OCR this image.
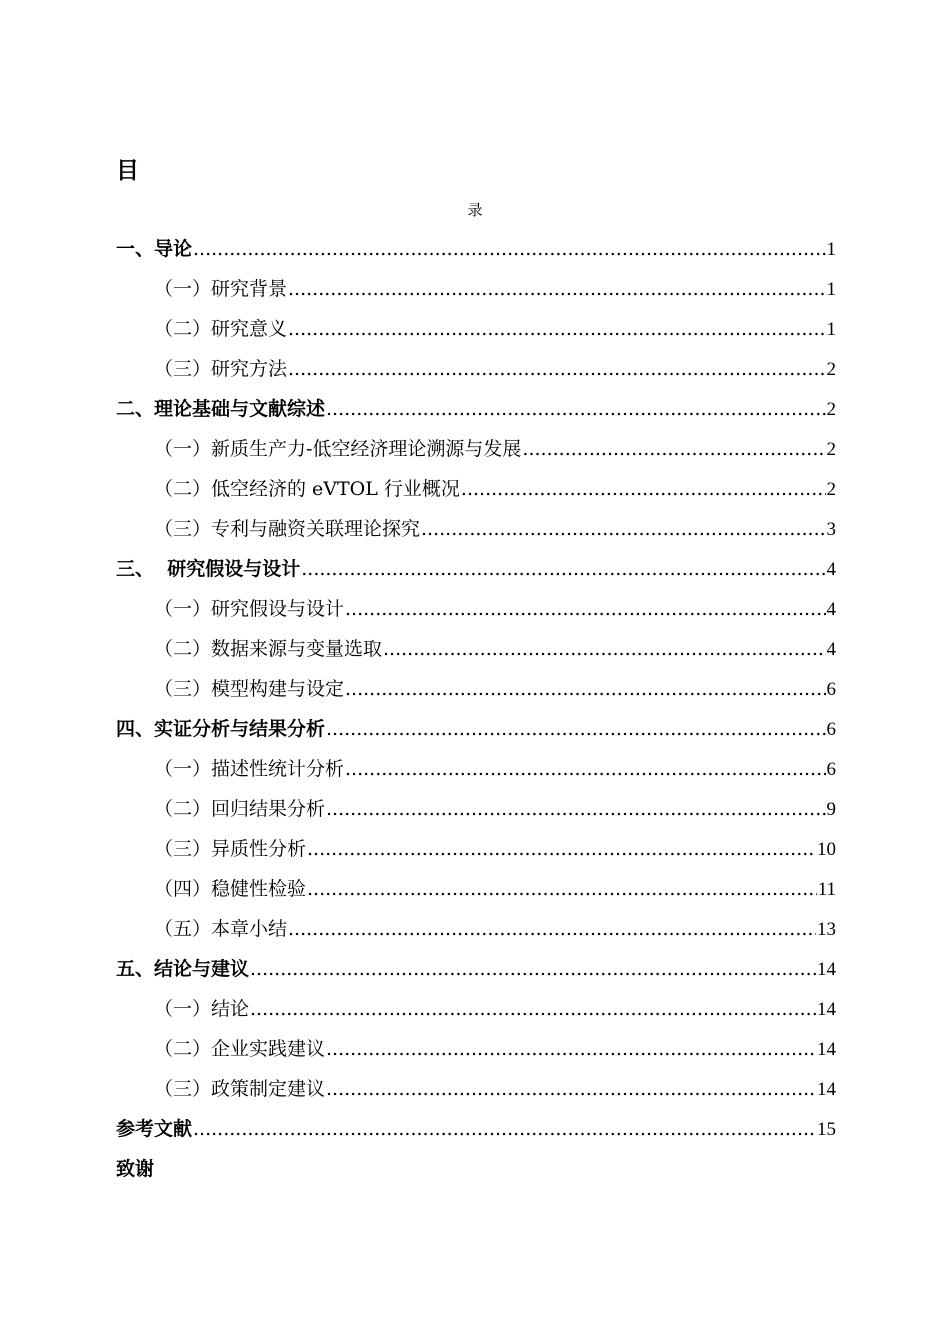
目
录
一、导论 .....	1
（一）研究背景 .....	1
（二）研究意义 .....	1
（三）研究方法 .....	2
二、理论基础与文献综述 .....	2
（一）新质生产力-低空经济理论溯源与发展 .....	2
（二）低空经济的 eVTOL 行业概况 .....	2
（三）专利与融资关联理论探究 .....	3
三、  研究假设与设计 .....	4
（一）研究假设与设计 .....	4
（二）数据来源与变量选取 .....	4
（三）模型构建与设定 .....	6
四、实证分析与结果分析 .....	6
（一）描述性统计分析 .....	6
（二）回归结果分析 .....	9
（三）异质性分析 .....	10
（四）稳健性检验 .....	11
（五）本章小结 .....	13
五、结论与建议 .....	14
（一）结论 .....	14
（二）企业实践建议 .....	14
（三）政策制定建议 .....	14
参考文献 .....	15
致谢
